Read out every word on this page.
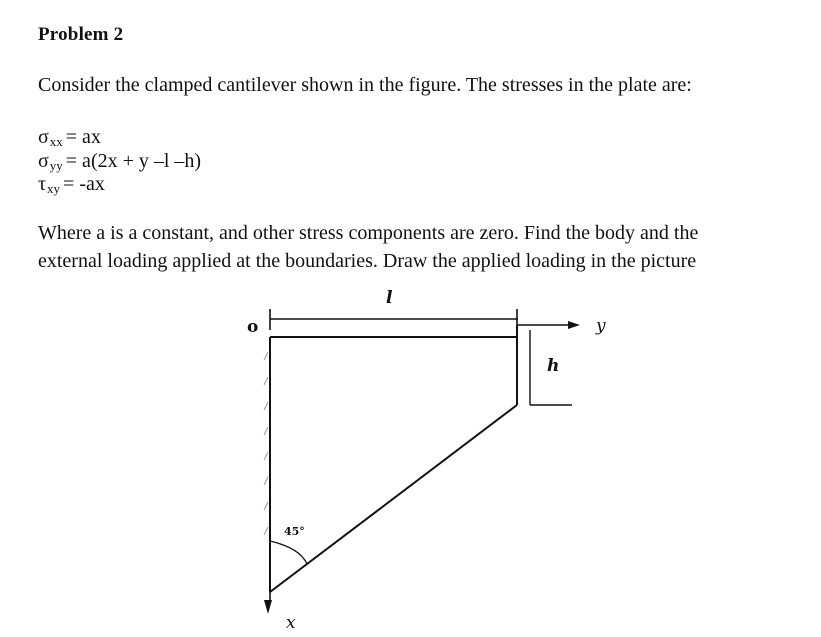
Problem 2
Consider the clamped cantilever shown in the figure. The stresses in the plate are:
σxx = ax
σyy = a(2x + y –l –h)
τxy = -ax
Where a is a constant, and other stress components are zero. Find the body and the
external loading applied at the boundaries. Draw the applied loading in the picture
o
l
y
h
45°
x
